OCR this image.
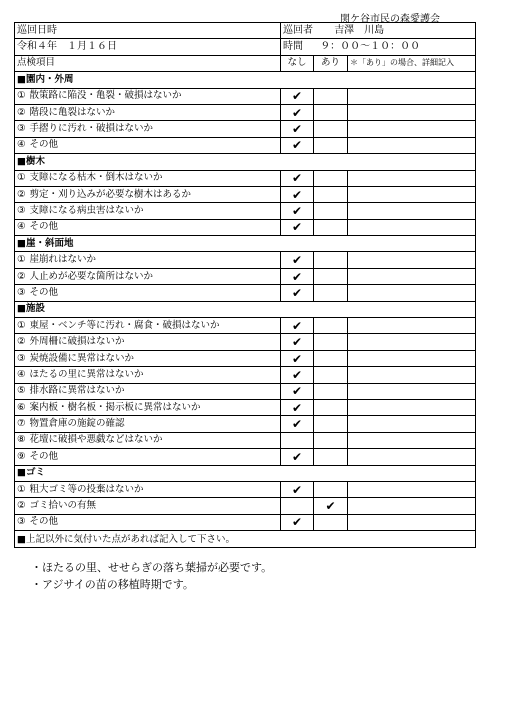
関ケ谷市民の森愛護会
巡回日時	巡回者 吉澤　川島		
令和４年　１月１６日	時間 ９：００～１０：００		
点検項目	なし	あり	＊「あり」の場合、詳細記入
■園内・外周			
① 散策路に陥没・亀裂・破損はないか	✔		
② 階段に亀裂はないか	✔		
③ 手摺りに汚れ・破損はないか	✔		
④ その他	✔		
■樹木			
① 支障になる枯木・倒木はないか	✔		
② 剪定・刈り込みが必要な樹木はあるか	✔		
③ 支障になる病虫害はないか	✔		
④ その他	✔		
■崖・斜面地			
① 崖崩れはないか	✔		
② 人止めが必要な箇所はないか	✔		
③ その他	✔		
■施設			
① 東屋・ベンチ等に汚れ・腐食・破損はないか	✔		
② 外周柵に破損はないか	✔		
③ 炭焼設備に異常はないか	✔		
④ ほたるの里に異常はないか	✔		
⑤ 排水路に異常はないか	✔		
⑥ 案内板・樹名板・掲示板に異常はないか	✔		
⑦ 物置倉庫の施錠の確認	✔		
⑧ 花壇に破損や悪戯などはないか			
⑨ その他	✔		
■ゴミ			
① 粗大ゴミ等の投棄はないか	✔		
② ゴミ拾いの有無		✔	
③ その他	✔		

■上記以外に気付いた点があれば記入して下さい。
・ほたるの里、せせらぎの落ち葉掃が必要です。
・アジサイの苗の移植時期です。			
